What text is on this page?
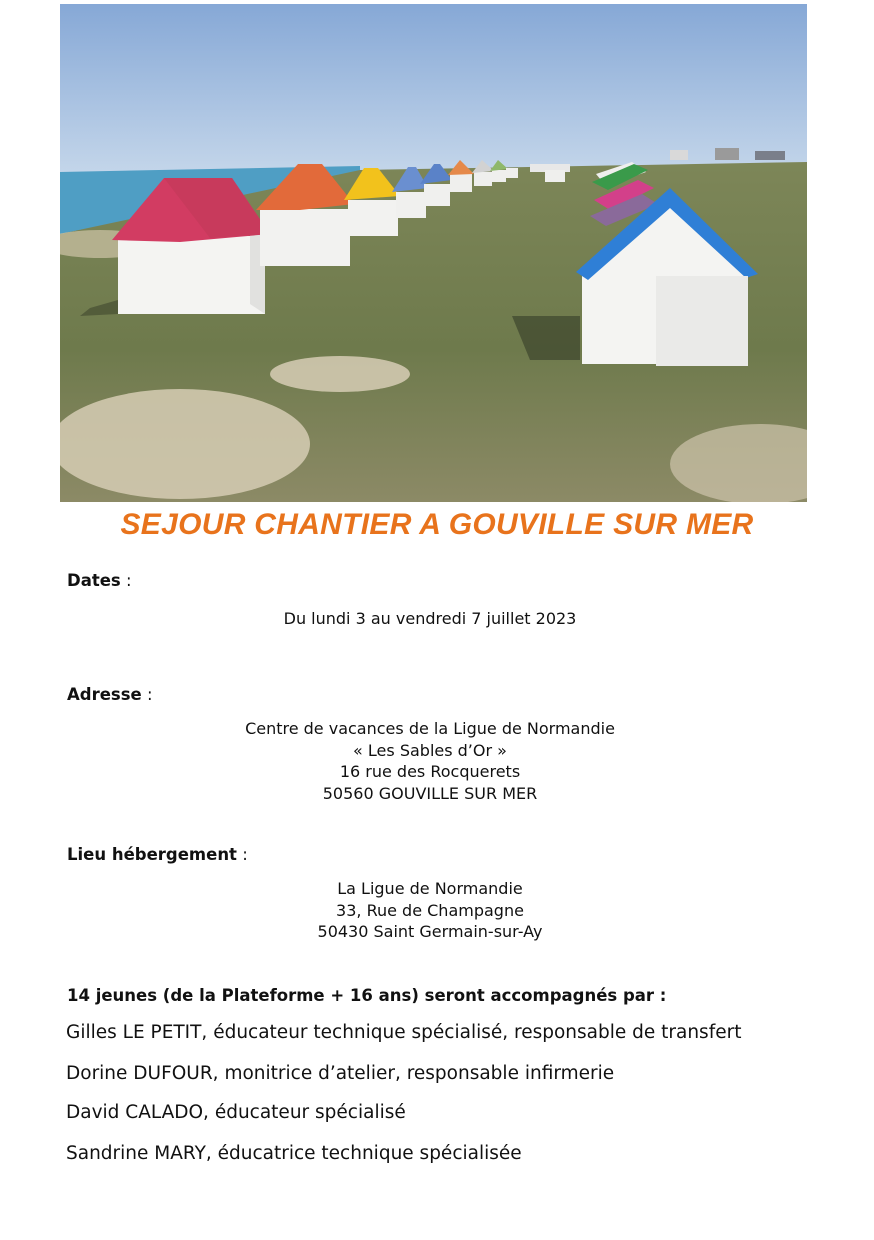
SEJOUR CHANTIER A GOUVILLE SUR MER
Dates :
Du lundi 3 au vendredi 7 juillet 2023
Adresse :
Centre de vacances de la Ligue de Normandie
« Les Sables d’Or »
16 rue des Rocquerets
50560 GOUVILLE SUR MER
Lieu hébergement :
La Ligue de Normandie
33, Rue de Champagne
50430 Saint Germain-sur-Ay
14 jeunes (de la Plateforme + 16 ans) seront accompagnés par :
Gilles LE PETIT, éducateur technique spécialisé, responsable de transfert
Dorine DUFOUR, monitrice d’atelier, responsable infirmerie
David CALADO, éducateur spécialisé
Sandrine MARY, éducatrice technique spécialisée
